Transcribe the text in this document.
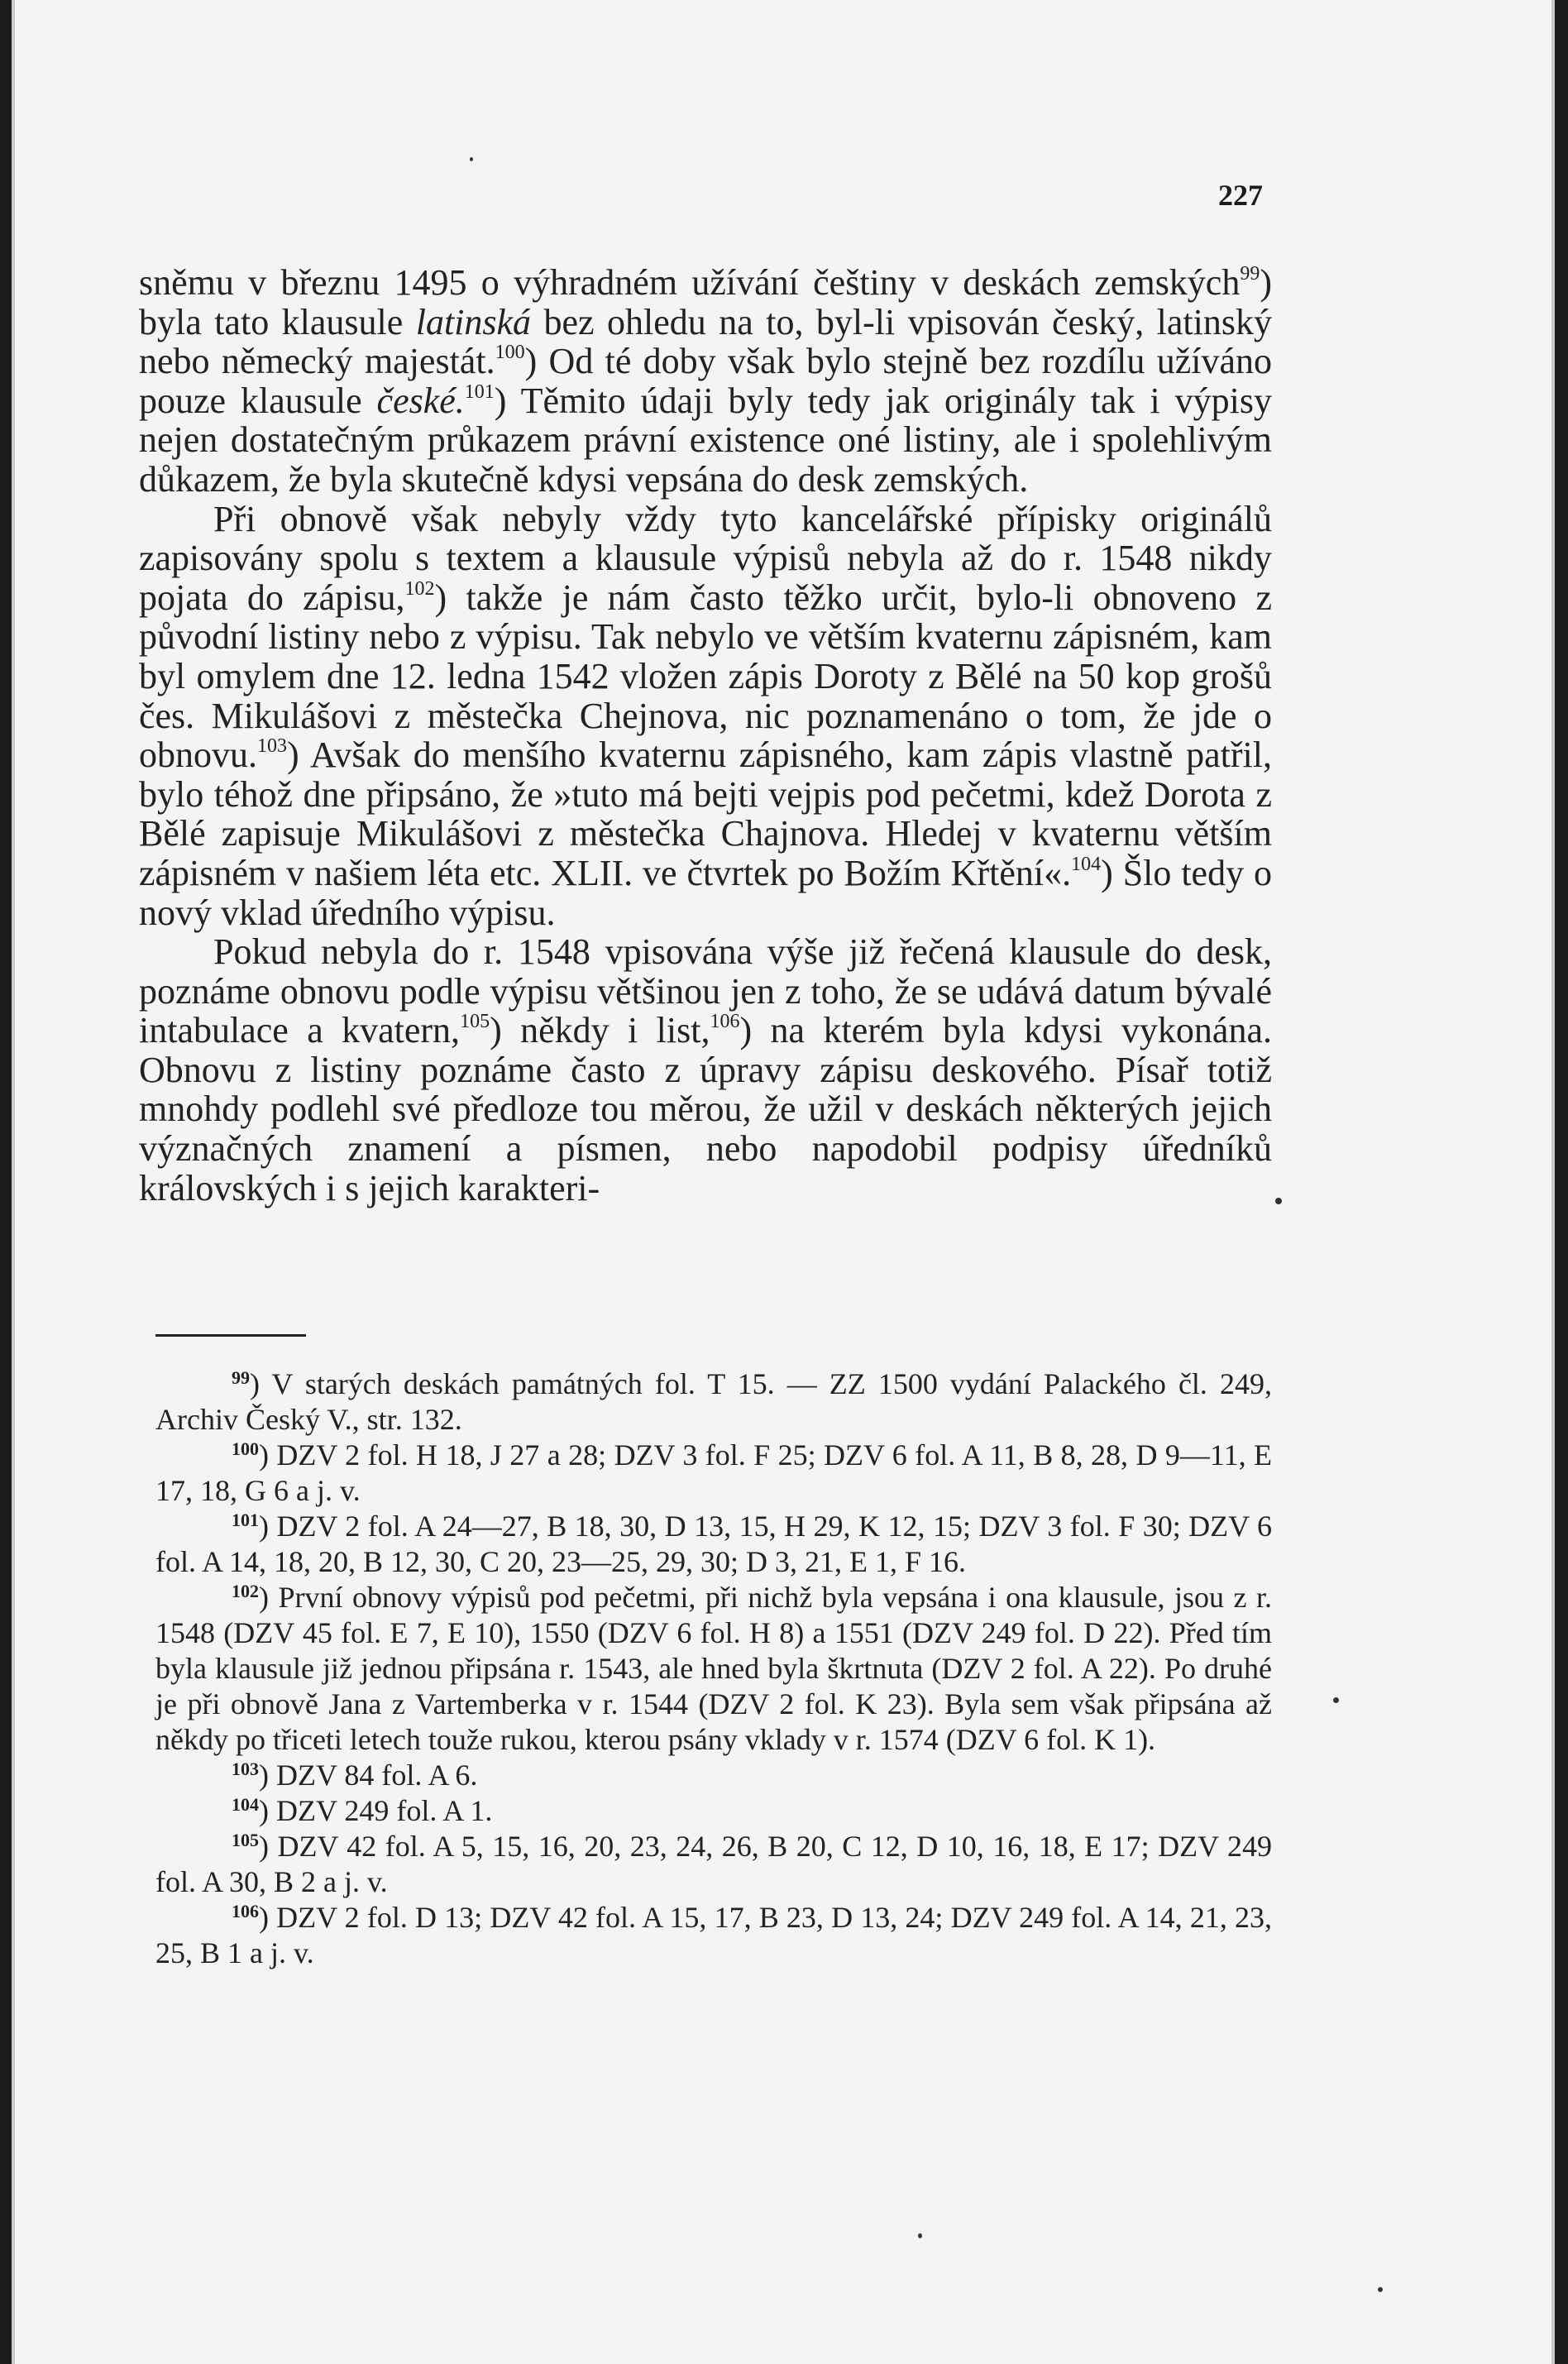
227

sněmu v březnu 1495 o výhradném užívání češtiny v deskách zemských$^{99}$) byla tato klausule latinská bez ohledu na to, byl-li vpisován český, latinský nebo německý majestát.$^{100}$) Od té doby však bylo stejně bez rozdílu užíváno pouze klausule české.$^{101}$) Těmito údaji byly tedy jak originály tak i výpisy nejen dostatečným průkazem právní existence oné listiny, ale i spolehlivým důkazem, že byla skutečně kdysi vepsána do desk zemských.

Při obnově však nebyly vždy tyto kancelářské přípisky originálů zapisovány spolu s textem a klausule výpisů nebyla až do r. 1548 nikdy pojata do zápisu,$^{102}$) takže je nám často těžko určit, bylo-li obnoveno z původní listiny nebo z výpisu. Tak nebylo ve větším kvaternu zápisném, kam byl omylem dne 12. ledna 1542 vložen zápis Doroty z Bělé na 50 kop grošů čes. Mikulášovi z městečka Chejnova, nic poznamenáno o tom, že jde o obnovu.$^{103}$) Avšak do menšího kvaternu zápisného, kam zápis vlastně patřil, bylo téhož dne připsáno, že »tuto má bejti vejpis pod pečetmi, kdež Dorota z Bělé zapisuje Mikulášovi z městečka Chajnova. Hledej v kvaternu větším zápisném v našiem léta etc. XLII. ve čtvrtek po Božím Křtění«.$^{104}$) Šlo tedy o nový vklad úředního výpisu.

Pokud nebyla do r. 1548 vpisována výše již řečená klausule do desk, poznáme obnovu podle výpisu většinou jen z toho, že se udává datum bývalé intabulace a kvatern,$^{105}$) někdy i list,$^{106}$) na kterém byla kdysi vykonána. Obnovu z listiny poznáme často z úpravy zápisu deskového. Písař totiž mnohdy podlehl své předloze tou měrou, že užil v deskách některých jejich význačných znamení a písmen, nebo napodobil podpisy úředníků královských i s jejich karakteri-

$^{99}$) V starých deskách památných fol. T 15. — ZZ 1500 vydání Palackého čl. 249, Archiv Český V., str. 132.

$^{100}$) DZV 2 fol. H 18, J 27 a 28; DZV 3 fol. F 25; DZV 6 fol. A 11, B 8, 28, D 9—11, E 17, 18, G 6 a j. v.

$^{101}$) DZV 2 fol. A 24—27, B 18, 30, D 13, 15, H 29, K 12, 15; DZV 3 fol. F 30; DZV 6 fol. A 14, 18, 20, B 12, 30, C 20, 23—25, 29, 30; D 3, 21, E 1, F 16.

$^{102}$) První obnovy výpisů pod pečetmi, při nichž byla vepsána i ona klausule, jsou z r. 1548 (DZV 45 fol. E 7, E 10), 1550 (DZV 6 fol. H 8) a 1551 (DZV 249 fol. D 22). Před tím byla klausule již jednou připsána r. 1543, ale hned byla škrtnuta (DZV 2 fol. A 22). Po druhé je při obnově Jana z Vartemberka v r. 1544 (DZV 2 fol. K 23). Byla sem však připsána až někdy po třiceti letech touže rukou, kterou psány vklady v r. 1574 (DZV 6 fol. K 1).

$^{103}$) DZV 84 fol. A 6.

$^{104}$) DZV 249 fol. A 1.

$^{105}$) DZV 42 fol. A 5, 15, 16, 20, 23, 24, 26, B 20, C 12, D 10, 16, 18, E 17; DZV 249 fol. A 30, B 2 a j. v.

$^{106}$) DZV 2 fol. D 13; DZV 42 fol. A 15, 17, B 23, D 13, 24; DZV 249 fol. A 14, 21, 23, 25, B 1 a j. v.
